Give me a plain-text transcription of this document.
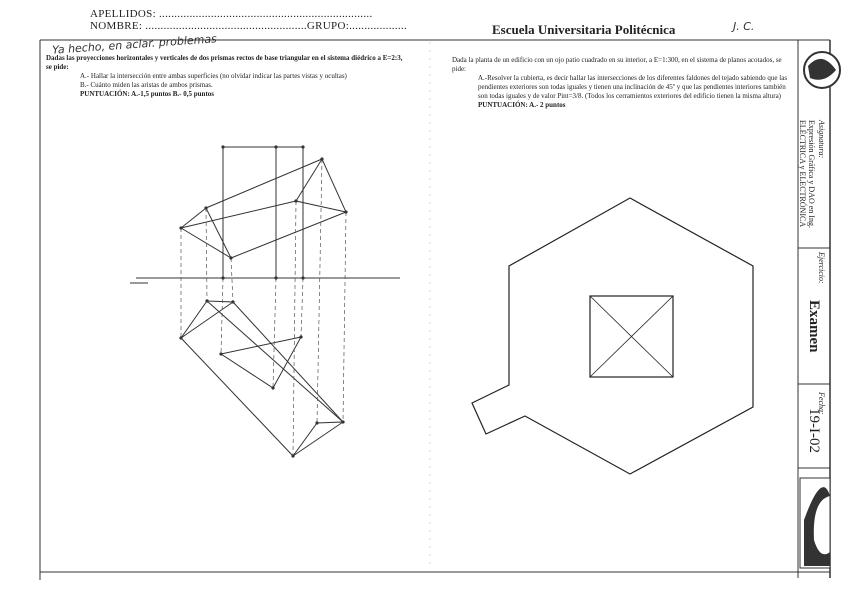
APELLIDOS: ......................................................................
NOMBRE: .....................................................GRUPO:...................	Escuela Universitaria Politécnica	J. C.
Ya hecho, en aclar. problemas
Dadas las proyecciones horizontales y verticales de dos prismas rectos de base triangular en el sistema diédrico a E=2:3, se pide:
A.- Hallar la intersección entre ambas superficies (no olvidar indicar las partes vistas y ocultas)
B.- Cuánto miden las aristas de ambos prismas.
PUNTUACIÓN: A.-1,5 puntos B.- 0,5 puntos
Dada la planta de un edificio con un ojo patio cuadrado en su interior, a E=1:300, en el sistema de planos acotados, se pide:
A.-Resolver la cubierta, es decir hallar las intersecciones de los diferentes faldones del tejado sabiendo que las pendientes exteriores son todas iguales y tienen una inclinación de 45º y que las pendientes interiores también son todas iguales y de valor Pint=3/8. (Todos los cerramientos exteriores del edificio tienen la misma altura)
PUNTUACIÓN: A.- 2 puntos
Asignatura:
Expresión Gráfica y DAO en Ing. ELÉCTRICA y ELECTRÓNICA
Ejercicio:
Examen
Fecha:
19-I-02
